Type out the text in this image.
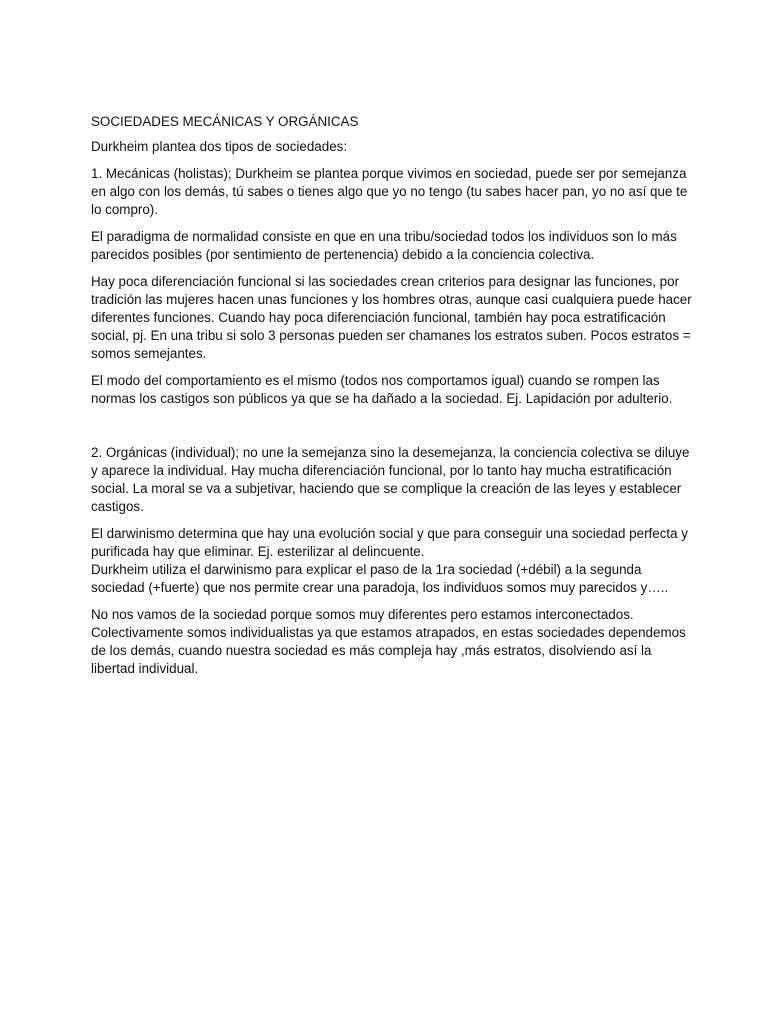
SOCIEDADES MECÁNICAS Y ORGÁNICAS

Durkheim plantea dos tipos de sociedades:

1. Mecánicas (holistas); Durkheim se plantea porque vivimos en sociedad, puede ser por semejanza en algo con los demás, tú sabes o tienes algo que yo no tengo (tu sabes hacer pan, yo no así que te lo compro).

El paradigma de normalidad consiste en que en una tribu/sociedad todos los individuos son lo más parecidos posibles (por sentimiento de pertenencia) debido a la conciencia colectiva.

Hay poca diferenciación funcional si las sociedades crean criterios para designar las funciones, por tradición las mujeres hacen unas funciones y los hombres otras, aunque casi cualquiera puede hacer diferentes funciones. Cuando hay poca diferenciación funcional, también hay poca estratificación social, pj. En una tribu si solo 3 personas pueden ser chamanes los estratos suben. Pocos estratos = somos semejantes.

El modo del comportamiento es el mismo (todos nos comportamos igual) cuando se rompen las normas los castigos son públicos ya que se ha dañado a la sociedad. Ej. Lapidación por adulterio.

2. Orgánicas (individual); no une la semejanza sino la desemejanza, la conciencia colectiva se diluye y aparece la individual. Hay mucha diferenciación funcional, por lo tanto hay mucha estratificación social. La moral se va a subjetivar, haciendo que se complique la creación de las leyes y establecer castigos.

El darwinismo determina que hay una evolución social y que para conseguir una sociedad perfecta y purificada hay que eliminar. Ej. esterilizar al delincuente.

Durkheim utiliza el darwinismo para explicar el paso de la 1ra sociedad (+débil) a la segunda sociedad (+fuerte) que nos permite crear una paradoja, los individuos somos muy parecidos y…..

No nos vamos de la sociedad porque somos muy diferentes pero estamos interconectados.

Colectivamente somos individualistas ya que estamos atrapados, en estas sociedades dependemos de los demás, cuando nuestra sociedad es más compleja hay ,más estratos, disolviendo así la libertad individual.
